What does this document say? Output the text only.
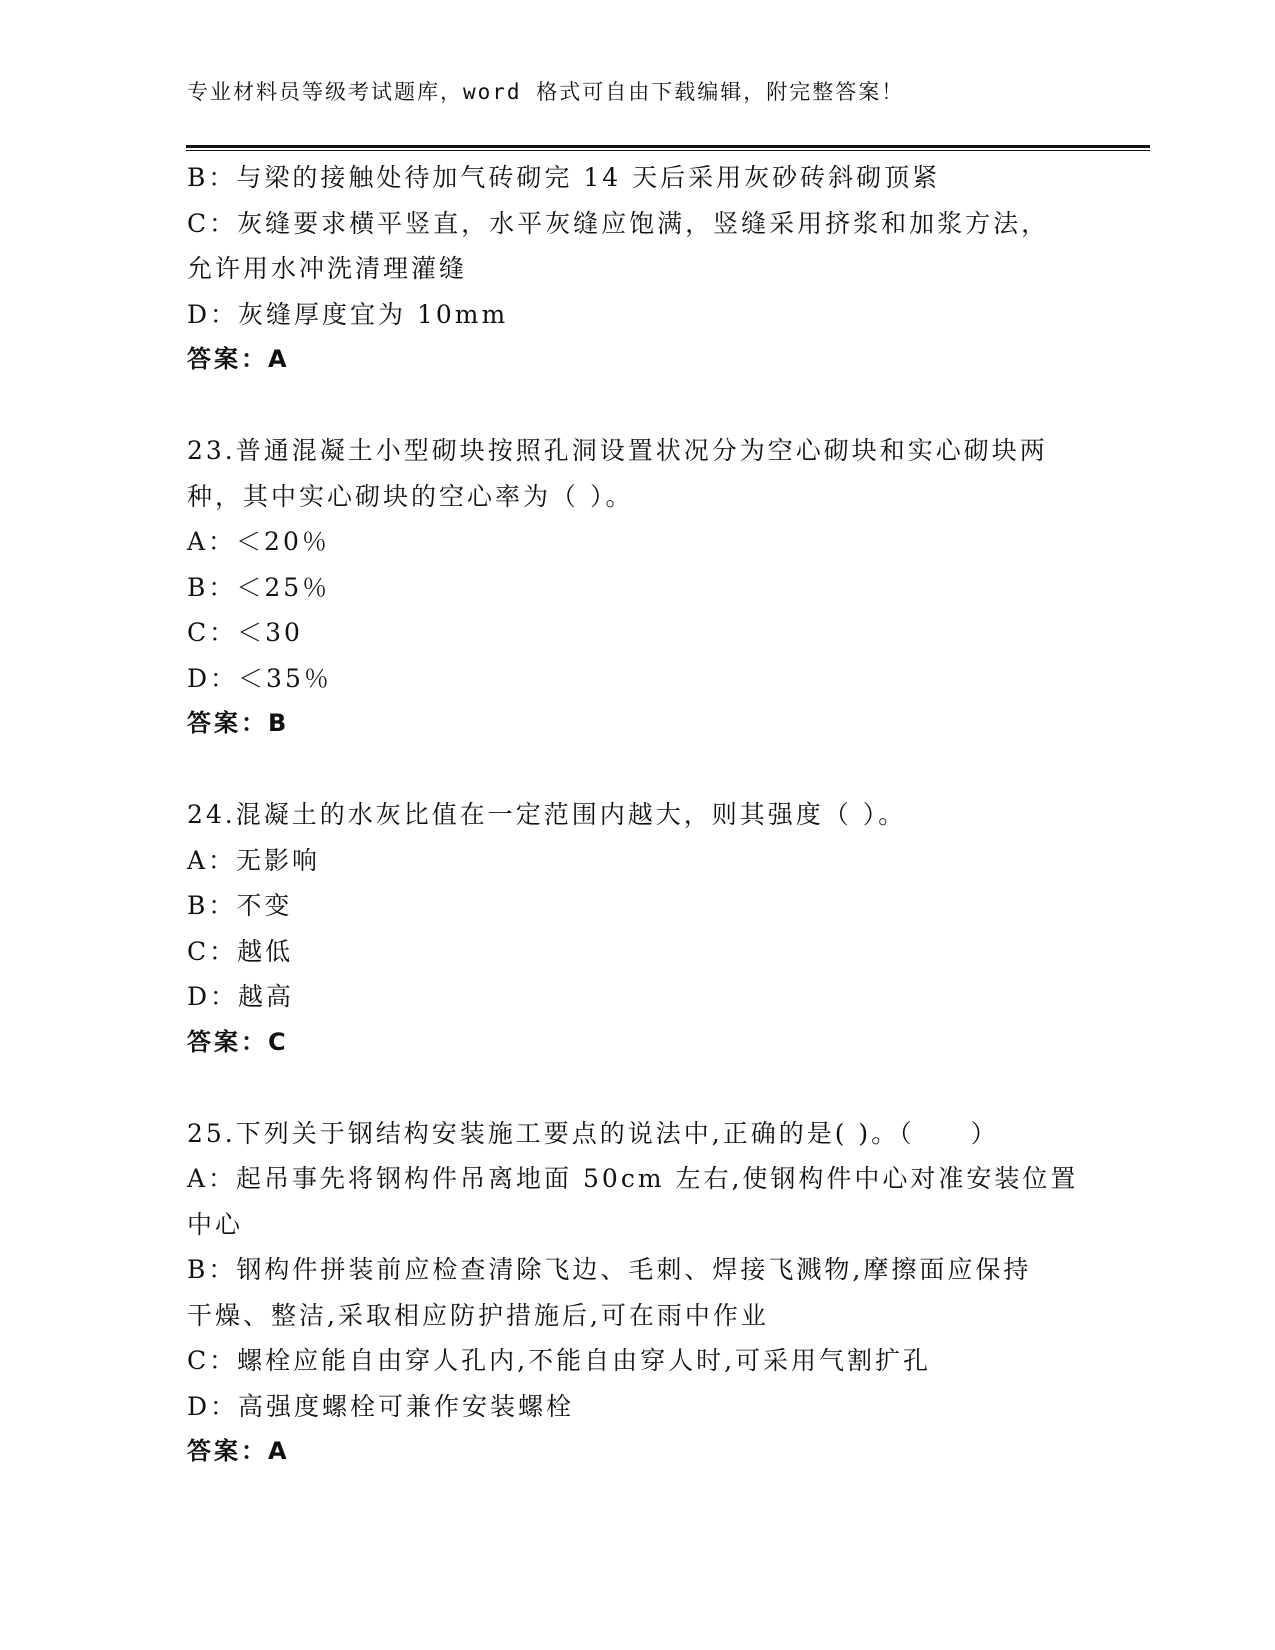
专业材料员等级考试题库，word 格式可自由下载编辑，附完整答案！
B：与梁的接触处待加气砖砌完 14 天后采用灰砂砖斜砌顶紧
C：灰缝要求横平竖直，水平灰缝应饱满，竖缝采用挤浆和加浆方法，
允许用水冲洗清理灌缝
D：灰缝厚度宜为 10mm
答案：A
23.普通混凝土小型砌块按照孔洞设置状况分为空心砌块和实心砌块两
种，其中实心砌块的空心率为（ ）。
A：＜20％
B：＜25％
C：＜30
D：＜35％
答案：B
24.混凝土的水灰比值在一定范围内越大，则其强度（ ）。
A：无影响
B：不变
C：越低
D：越高
答案：C
25.下列关于钢结构安装施工要点的说法中,正确的是( )。（　　）
A：起吊事先将钢构件吊离地面 50cm 左右,使钢构件中心对准安装位置
中心
B：钢构件拼装前应检查清除飞边、毛刺、焊接飞溅物,摩擦面应保持
干燥、整洁,采取相应防护措施后,可在雨中作业
C：螺栓应能自由穿人孔内,不能自由穿人时,可采用气割扩孔
D：高强度螺栓可兼作安装螺栓
答案：A
